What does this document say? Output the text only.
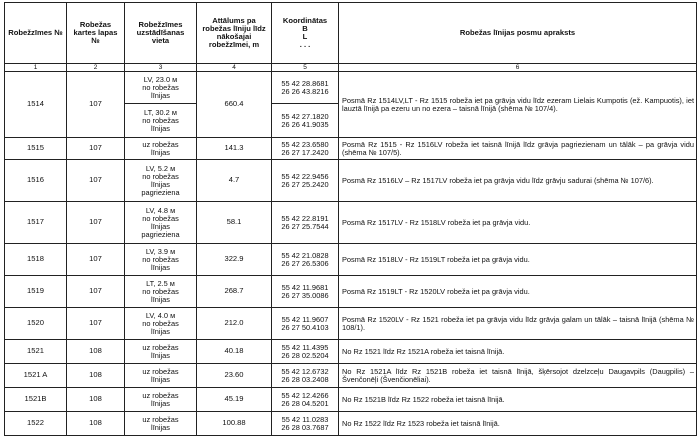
Robežzīmes №	Robežas kartes lapas №	Robežzīmes uzstādīšanas vieta	Attālums pa robežas līniju līdz nākošajai robežzīmei, m	Koordinātas
B
L
. . .	Robežas līnijas posmu apraksts
1	2	3	4	5	6
1514	107	LV, 23.0 м
no robežas
līnijas	660.4	55 42 28.8681
26 26 43.8216	Posmā Rz 1514LV,LT - Rz 1515 robeža iet pa grāvja vidu līdz ezeram Lielais Kumpotis (ež. Kampuotis), iet lauztā līnijā pa ezeru un no ezera – taisnā līnijā (shēma № 107/4).
		LT, 30.2 м
no robežas
līnijas		55 42 27.1820
26 26 41.9035	
1515	107	uz robežas
līnijas	141.3	55 42 23.6580
26 27 17.2420	Posmā Rz 1515 - Rz 1516LV robeža iet taisnā līnijā līdz grāvja pagriezienam un tālāk – pa grāvja vidu (shēma № 107/5).
1516	107	LV, 5.2 м
no robežas
līnijas
pagrieziena	4.7	55 42 22.9456
26 27 25.2420	Posmā Rz 1516LV – Rz 1517LV robeža iet pa grāvja vidu līdz grāvju sadurai (shēma № 107/6).
1517	107	LV, 4.8 м
no robežas
līnijas
pagrieziena	58.1	55 42 22.8191
26 27 25.7544	Posmā Rz 1517LV - Rz 1518LV robeža iet pa grāvja vidu.
1518	107	LV, 3.9 м
no robežas
līnijas	322.9	55 42 21.0828
26 27 26.5306	Posmā Rz 1518LV - Rz 1519LT robeža iet pa grāvja vidu.
1519	107	LT, 2.5 м
no robežas
līnijas	268.7	55 42 11.9681
26 27 35.0086	Posmā Rz 1519LT - Rz 1520LV robeža iet pa grāvja vidu.
1520	107	LV, 4.0 м
no robežas
līnijas	212.0	55 42 11.9607
26 27 50.4103	Posmā Rz 1520LV - Rz 1521 robeža iet pa grāvja vidu līdz grāvja galam un tālāk – taisnā līnijā (shēma № 108/1).
1521	108	uz robežas
līnijas	40.18	55 42 11.4395
26 28 02.5204	No Rz 1521 līdz Rz 1521A robeža iet taisnā līnijā.
1521 A	108	uz robežas
līnijas	23.60	55 42 12.6732
26 28 03.2408	No Rz 1521A līdz Rz 1521B robeža iet taisnā līnijā, šķērsojot dzelzceļu Daugavpils (Daugpilis) – Švenčonēļi (Švenčionēliai).
1521B	108	uz robežas
līnijas	45.19	55 42 12.4266
26 28 04.5201	No Rz 1521B līdz Rz 1522 robeža iet taisnā līnijā.
1522	108	uz robežas
līnijas	100.88	55 42 11.0283
26 28 03.7687	No Rz 1522 līdz Rz 1523 robeža iet taisnā līnijā.
